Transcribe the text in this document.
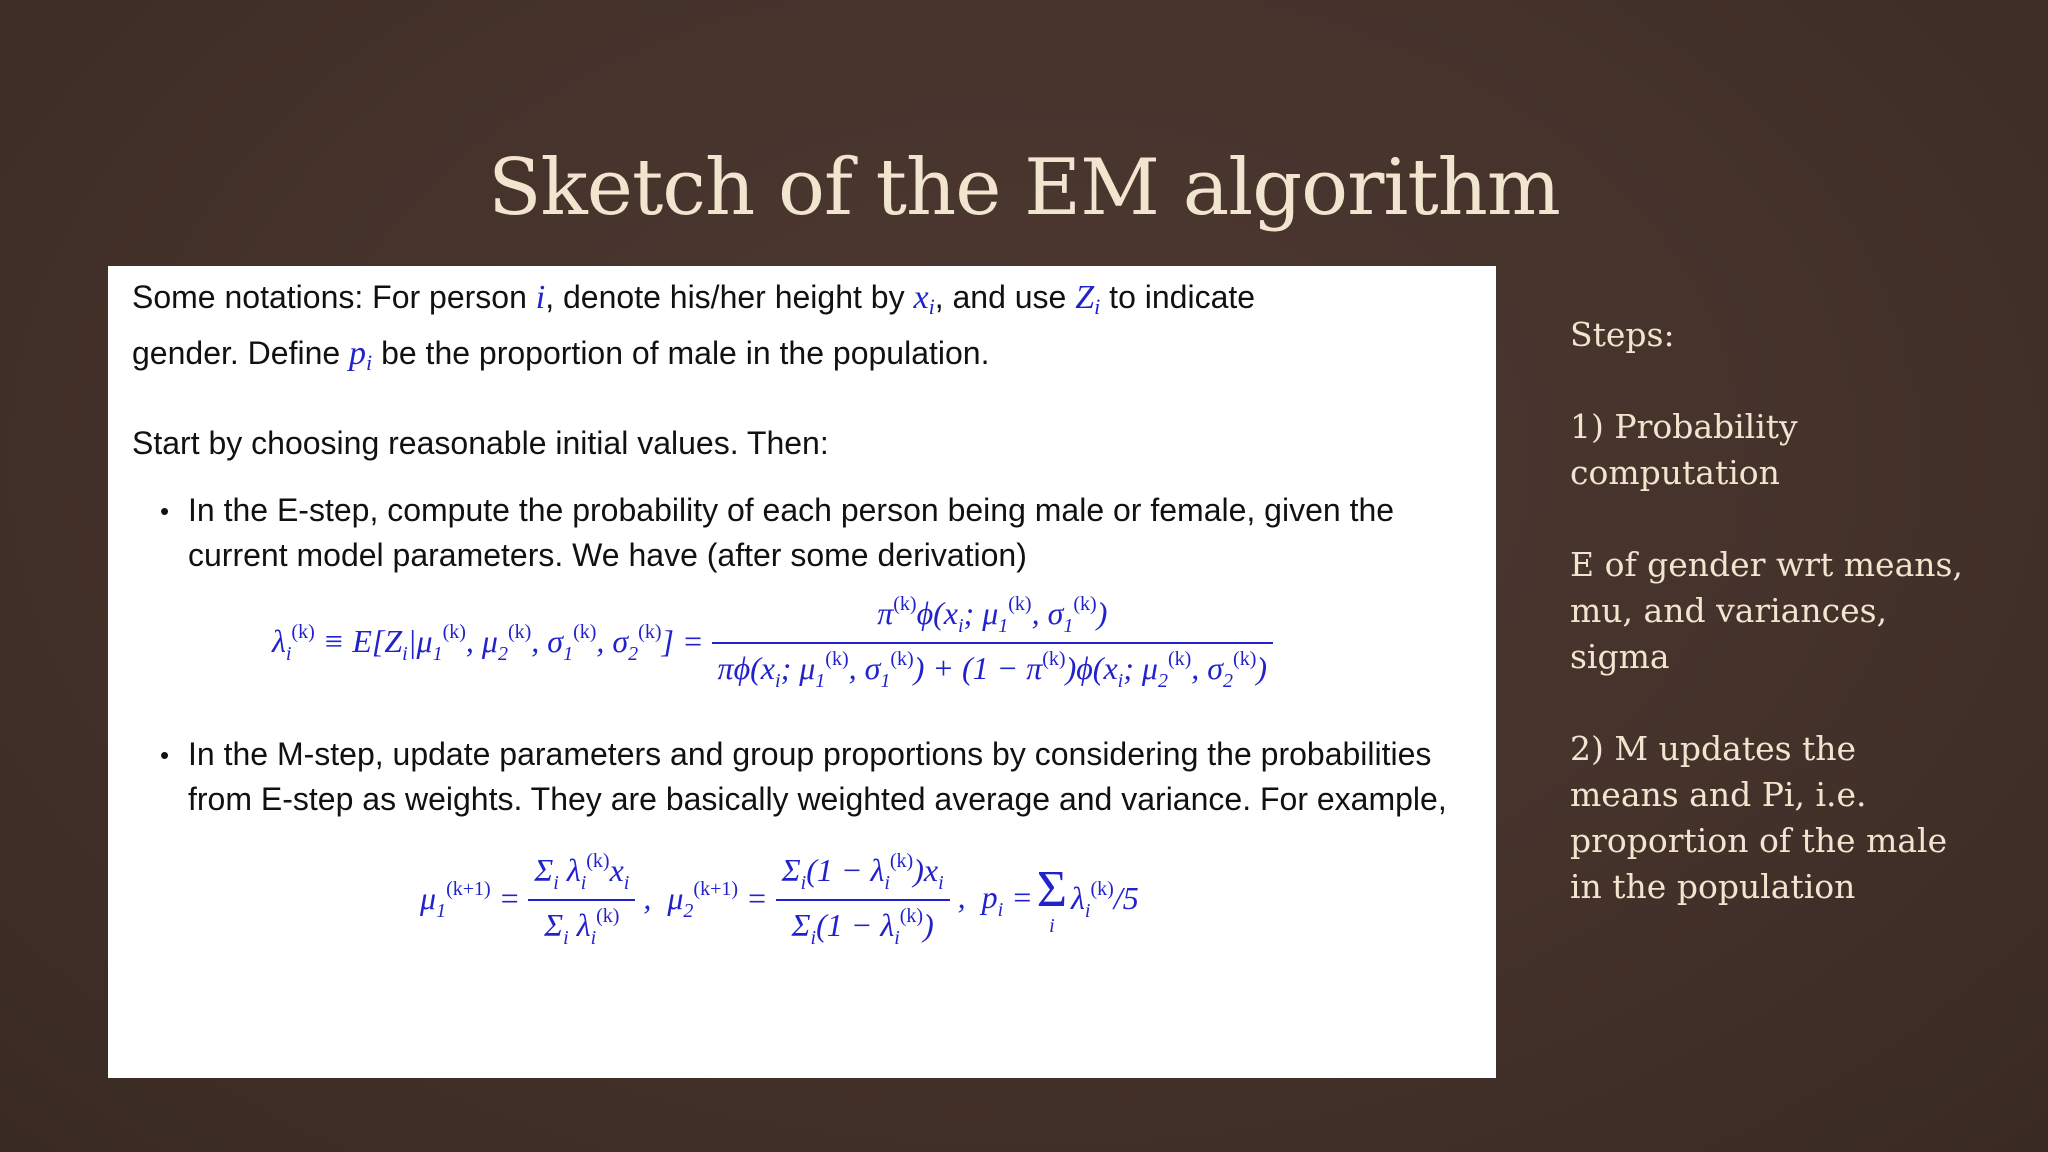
Sketch of the EM algorithm

Some notations: For person i, denote his/her height by $x_i$, and use $Z_i$ to indicate

gender. Define $p_i$ be the proportion of male in the population.

Start by choosing reasonable initial values. Then:

• In the E-step, compute the probability of each person being male or female, given the current model parameters. We have (after some derivation)
$\lambda_i^{(k)} \equiv E[Z_i|\mu_1^{(k)}$, $\mu_2^{(k)}$, $\sigma_1^{(k)}$, $\sigma_2^{(k)}] = \frac{\pi^{(k)}\phi(x_i; \mu_1^{(k)}, \sigma_1^{(k)})}{\pi\phi(x_i; \mu_1^{(k)}, \sigma_1^{(k)}) + (1 - \pi^{(k)})\phi(x_i; \mu_2^{(k)}, \sigma_2^{(k)})}$
• In the M-step, update parameters and group proportions by considering the probabilities from E-step as weights. They are basically weighted average and variance. For example,
$\mu_1^{(k+1)} = \frac{\Sigma_i \lambda_i^{(k)}x_i}{\Sigma_i \lambda_i^{(k)}}$ ,  $\mu_2^{(k+1)} = \frac{\Sigma_i(1 - \lambda_i^{(k)})x_i}{\Sigma_i(1 - \lambda_i^{(k)})}$ ,  $p_i = \Sigma$
i
$\lambda_i^{(k)}/5$
Steps:
1) Probability
computation
E of gender wrt means,
mu, and variances,
sigma
2) M updates the
means and Pi, i.e.
proportion of the male
in the population
